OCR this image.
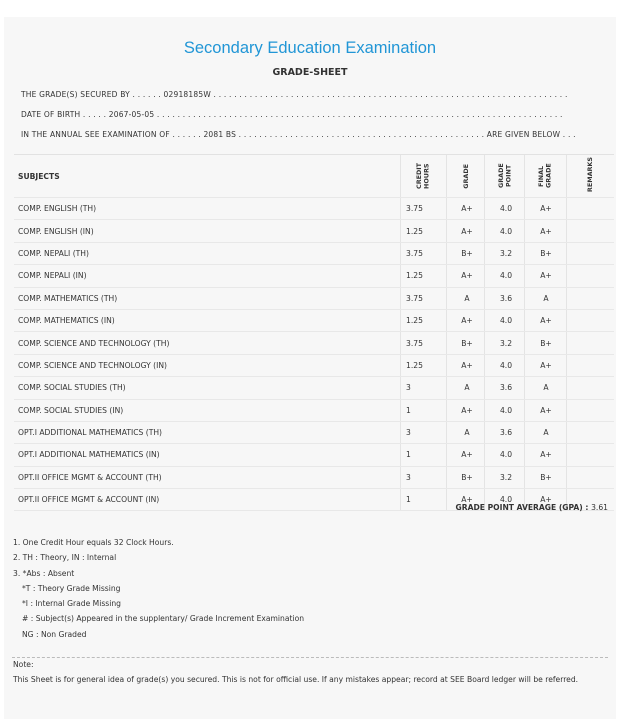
Secondary Education Examination
GRADE-SHEET
THE GRADE(S) SECURED BY . . . . . . 02918185W . . . . . . . . . . . . . . . . . . . . . . . . . . . . . . . . . . . . . . . . . . . . . . . . . . . . . . . . . . . . . . . . . . . . .
DATE OF BIRTH . . . . . 2067-05-05 . . . . . . . . . . . . . . . . . . . . . . . . . . . . . . . . . . . . . . . . . . . . . . . . . . . . . . . . . . . . . . . . . . . . . . . . . . . . . . .
IN THE ANNUAL SEE EXAMINATION OF . . . . . . 2081 BS . . . . . . . . . . . . . . . . . . . . . . . . . . . . . . . . . . . . . . . . . . . . . . . . ARE GIVEN BELOW . . .
SUBJECTS	CREDIT HOURS	GRADE	GRADE POINT	FINAL GRADE	REMARKS
COMP. ENGLISH (TH)	3.75	A+	4.0	A+
COMP. ENGLISH (IN)	1.25	A+	4.0	A+
COMP. NEPALI (TH)	3.75	B+	3.2	B+
COMP. NEPALI (IN)	1.25	A+	4.0	A+
COMP. MATHEMATICS (TH)	3.75	A	3.6	A
COMP. MATHEMATICS (IN)	1.25	A+	4.0	A+
COMP. SCIENCE AND TECHNOLOGY (TH)	3.75	B+	3.2	B+
COMP. SCIENCE AND TECHNOLOGY (IN)	1.25	A+	4.0	A+
COMP. SOCIAL STUDIES (TH)	3	A	3.6	A
COMP. SOCIAL STUDIES (IN)	1	A+	4.0	A+
OPT.I ADDITIONAL MATHEMATICS (TH)	3	A	3.6	A
OPT.I ADDITIONAL MATHEMATICS (IN)	1	A+	4.0	A+
OPT.II OFFICE MGMT & ACCOUNT (TH)	3	B+	3.2	B+
OPT.II OFFICE MGMT & ACCOUNT (IN)	1	A+	4.0	A+
GRADE POINT AVERAGE (GPA) : 3.61
1. One Credit Hour equals 32 Clock Hours.
2. TH : Theory, IN : Internal
3. *Abs : Absent
*T : Theory Grade Missing
*I : Internal Grade Missing
# : Subject(s) Appeared in the supplentary/ Grade Increment Examination
NG : Non Graded
Note:
This Sheet is for general idea of grade(s) you secured. This is not for official use. If any mistakes appear; record at SEE Board ledger will be referred.
